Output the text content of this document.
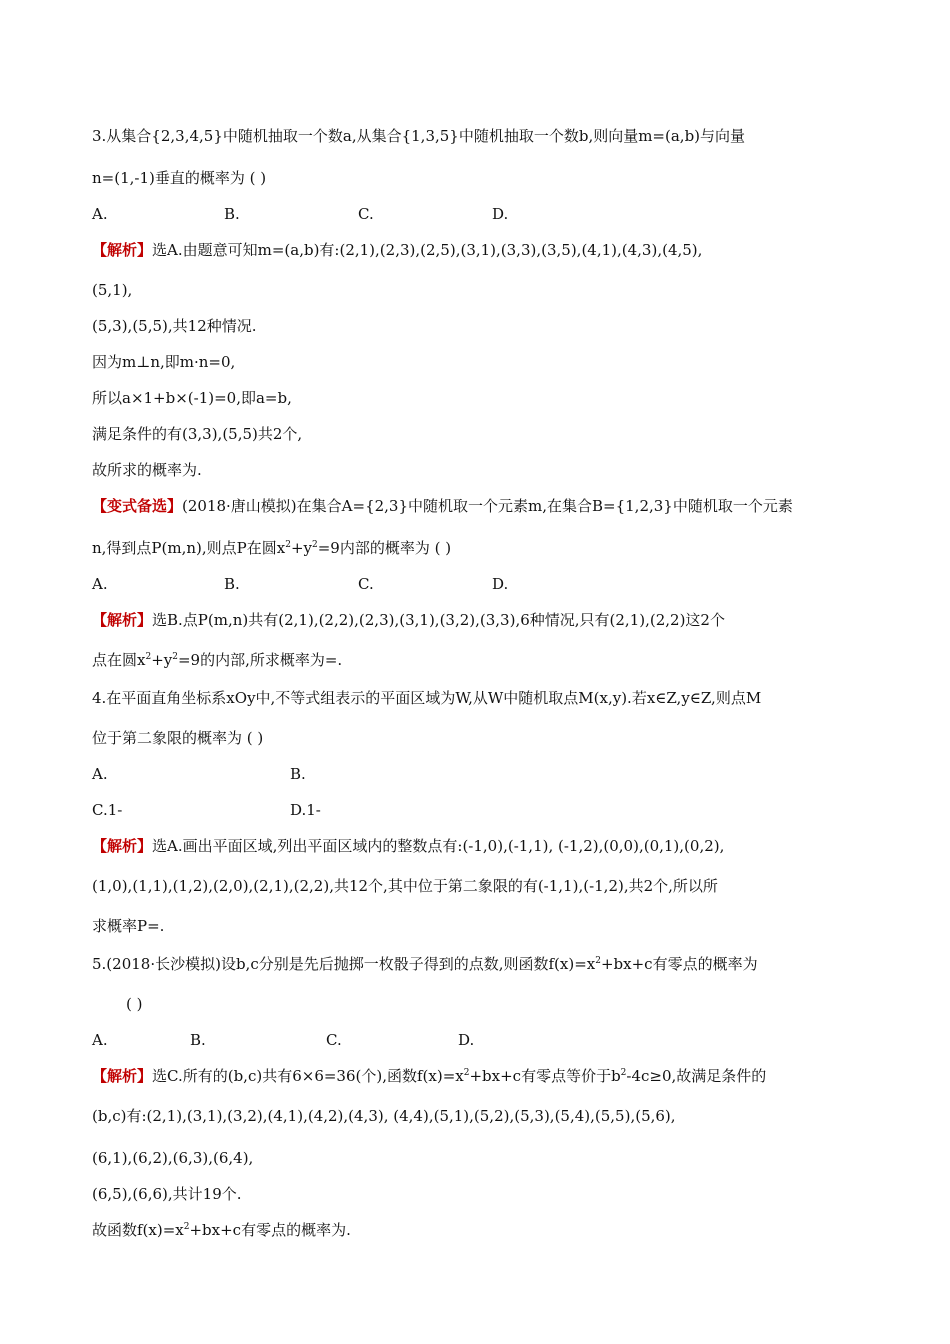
3.从集合{2,3,4,5}中随机抽取一个数a,从集合{1,3,5}中随机抽取一个数b,则向量m=(a,b)与向量
n=(1,-1)垂直的概率为 ( )
A.	B.	C.	D.
【解析】选A.由题意可知m=(a,b)有:(2,1),(2,3),(2,5),(3,1),(3,3),(3,5),(4,1),(4,3),(4,5),
(5,1),
(5,3),(5,5),共12种情况.
因为m⊥n,即m·n=0,
所以a×1+b×(-1)=0,即a=b,
满足条件的有(3,3),(5,5)共2个,
故所求的概率为.
【变式备选】(2018·唐山模拟)在集合A={2,3}中随机取一个元素m,在集合B={1,2,3}中随机取一个元素
n,得到点P(m,n),则点P在圆$x^2+y^2=9$内部的概率为 ( )
A.	B.	C.	D.
【解析】选B.点P(m,n)共有(2,1),(2,2),(2,3),(3,1),(3,2),(3,3),6种情况,只有(2,1),(2,2)这2个
点在圆$x^2+y^2=9$的内部,所求概率为=.
4.在平面直角坐标系xOy中,不等式组表示的平面区域为W,从W中随机取点M(x,y).若x∈Z,y∈Z,则点M
位于第二象限的概率为 ( )
A.	B.
C.1-	D.1-
【解析】选A.画出平面区域,列出平面区域内的整数点有:(-1,0),(-1,1), (-1,2),(0,0),(0,1),(0,2),
(1,0),(1,1),(1,2),(2,0),(2,1),(2,2),共12个,其中位于第二象限的有(-1,1),(-1,2),共2个,所以所
求概率P=.
5.(2018·长沙模拟)设b,c分别是先后抛掷一枚骰子得到的点数,则函数$f(x)=x^2+bx+c$有零点的概率为
( )
A.	B.	C.	D.
【解析】选C.所有的(b,c)共有6×6=36(个),函数$f(x)=x^2+bx+c$有零点等价于$b^2-4c\ge 0$,故满足条件的
(b,c)有:(2,1),(3,1),(3,2),(4,1),(4,2),(4,3), (4,4),(5,1),(5,2),(5,3),(5,4),(5,5),(5,6),
(6,1),(6,2),(6,3),(6,4),
(6,5),(6,6),共计19个.
故函数$f(x)=x^2+bx+c$有零点的概率为.
